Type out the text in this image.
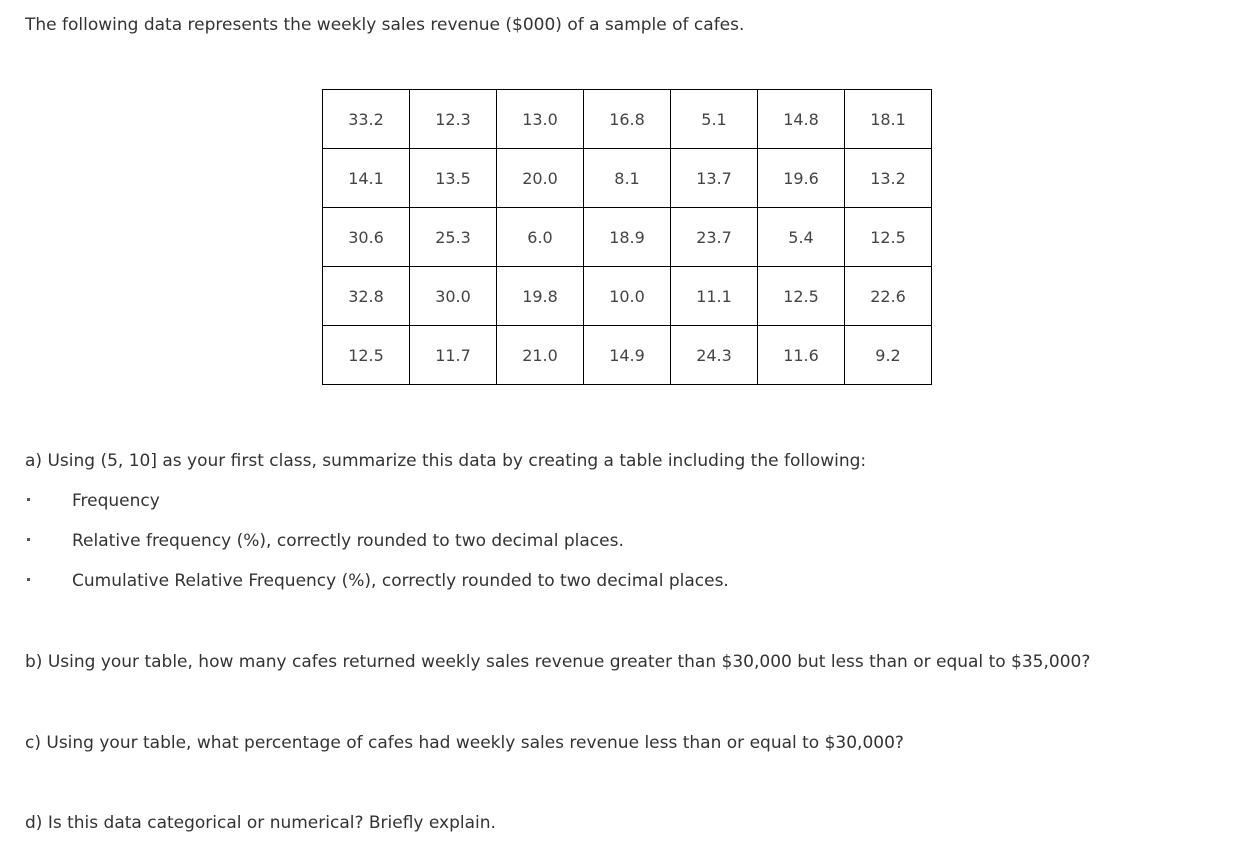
The following data represents the weekly sales revenue ($000) of a sample of cafes.

33.2	12.3	13.0	16.8	5.1	14.8	18.1
14.1	13.5	20.0	8.1	13.7	19.6	13.2
30.6	25.3	6.0	18.9	23.7	5.4	12.5
32.8	30.0	19.8	10.0	11.1	12.5	22.6
12.5	11.7	21.0	14.9	24.3	11.6	9.2

a) Using (5, 10] as your first class, summarize this data by creating a table including the following:

Frequency
Relative frequency (%), correctly rounded to two decimal places.
Cumulative Relative Frequency (%), correctly rounded to two decimal places.

b) Using your table, how many cafes returned weekly sales revenue greater than $30,000 but less than or equal to $35,000?

c) Using your table, what percentage of cafes had weekly sales revenue less than or equal to $30,000?

d) Is this data categorical or numerical? Briefly explain.
